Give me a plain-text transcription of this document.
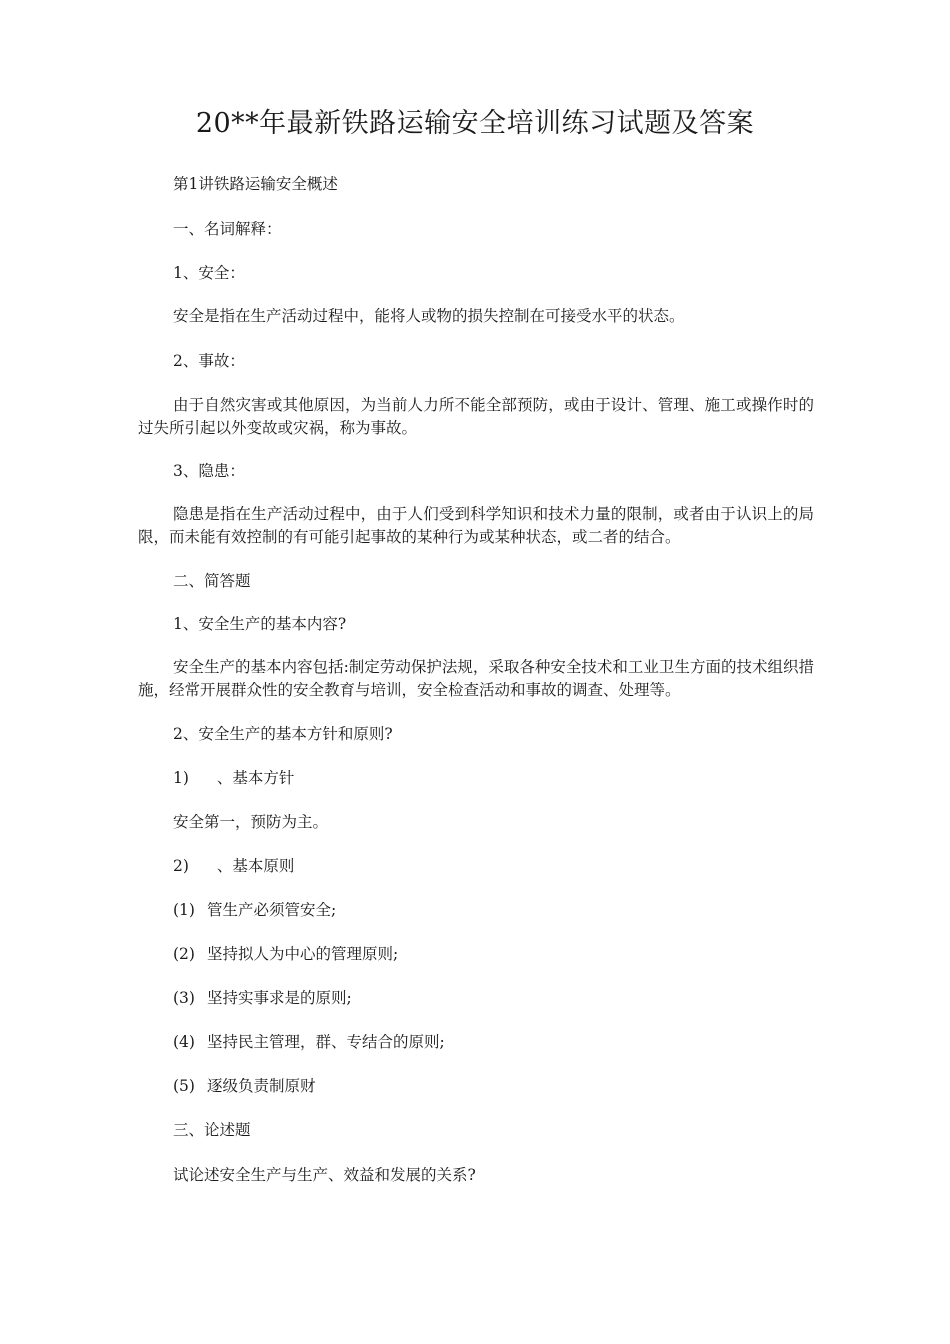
20**年最新铁路运输安全培训练习试题及答案
第1讲铁路运输安全概述
一、名词解释：
1、安全：
安全是指在生产活动过程中，能将人或物的损失控制在可接受水平的状态。
2、事故：
由于自然灾害或其他原因，为当前人力所不能全部预防，或由于设计、管理、施工或操作时的过失所引起以外变故或灾祸，称为事故。
3、隐患：
隐患是指在生产活动过程中，由于人们受到科学知识和技术力量的限制，或者由于认识上的局限，而未能有效控制的有可能引起事故的某种行为或某种状态，或二者的结合。
二、简答题
1、安全生产的基本内容?
安全生产的基本内容包括:制定劳动保护法规，采取各种安全技术和工业卫生方面的技术组织措施，经常开展群众性的安全教育与培训，安全检查活动和事故的调查、处理等。
2、安全生产的基本方针和原则?
1) 、基本方针
安全第一，预防为主。
2) 、基本原则
(1) 管生产必须管安全;
(2) 坚持拟人为中心的管理原则;
(3) 坚持实事求是的原则;
(4) 坚持民主管理，群、专结合的原则;
(5) 逐级负责制原财
三、论述题
试论述安全生产与生产、效益和发展的关系?
